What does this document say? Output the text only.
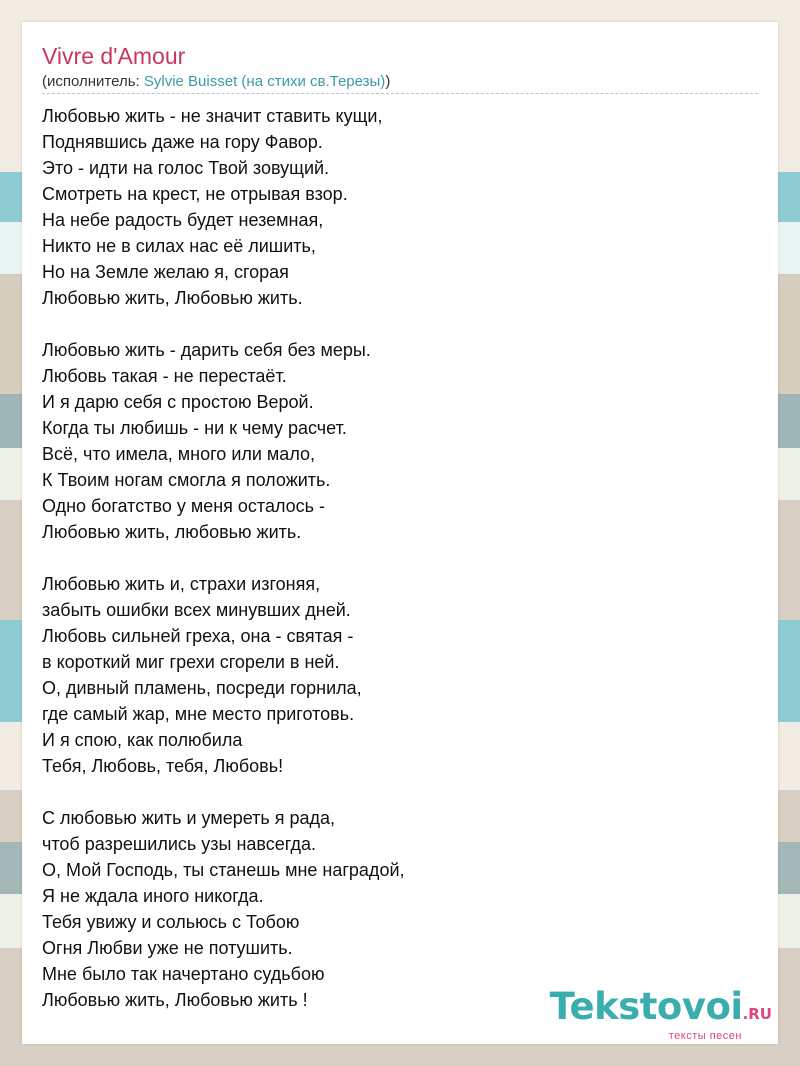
Vivre d'Amour
(исполнитель: Sylvie Buisset (на стихи св.Терезы))
Любовью жить - не значит ставить кущи,
Поднявшись даже на гору Фавор.
Это - идти на голос Твой зовущий.
Смотреть на крест, не отрывая взор.
На небе радость будет неземная,
Никто не в силах нас её лишить,
Но на Земле желаю я, сгорая
Любовью жить, Любовью жить.
Любовью жить - дарить себя без меры.
Любовь такая - не перестаёт.
И я дарю себя с простою Верой.
Когда ты любишь - ни к чему расчет.
Всё, что имела, много или мало,
К Твоим ногам смогла я положить.
Одно богатство у меня осталось -
Любовью жить, любовью жить.
Любовью жить и, страхи изгоняя,
забыть ошибки всех минувших дней.
Любовь сильней греха, она - святая -
в короткий миг грехи сгорели в ней.
О, дивный пламень, посреди горнила,
где самый жар, мне место приготовь.
И я спою, как полюбила
Тебя, Любовь, тебя, Любовь!
С любовью жить и умереть я рада,
чтоб разрешились узы навсегда.
О, Мой Господь, ты станешь мне наградой,
Я не ждала иного никогда.
Тебя увижу и сольюсь с Тобою
Огня Любви уже не потушить.
Мне было так начертано судьбою
Любовью жить, Любовью жить !	Tekstovoi.RU
тексты песен
